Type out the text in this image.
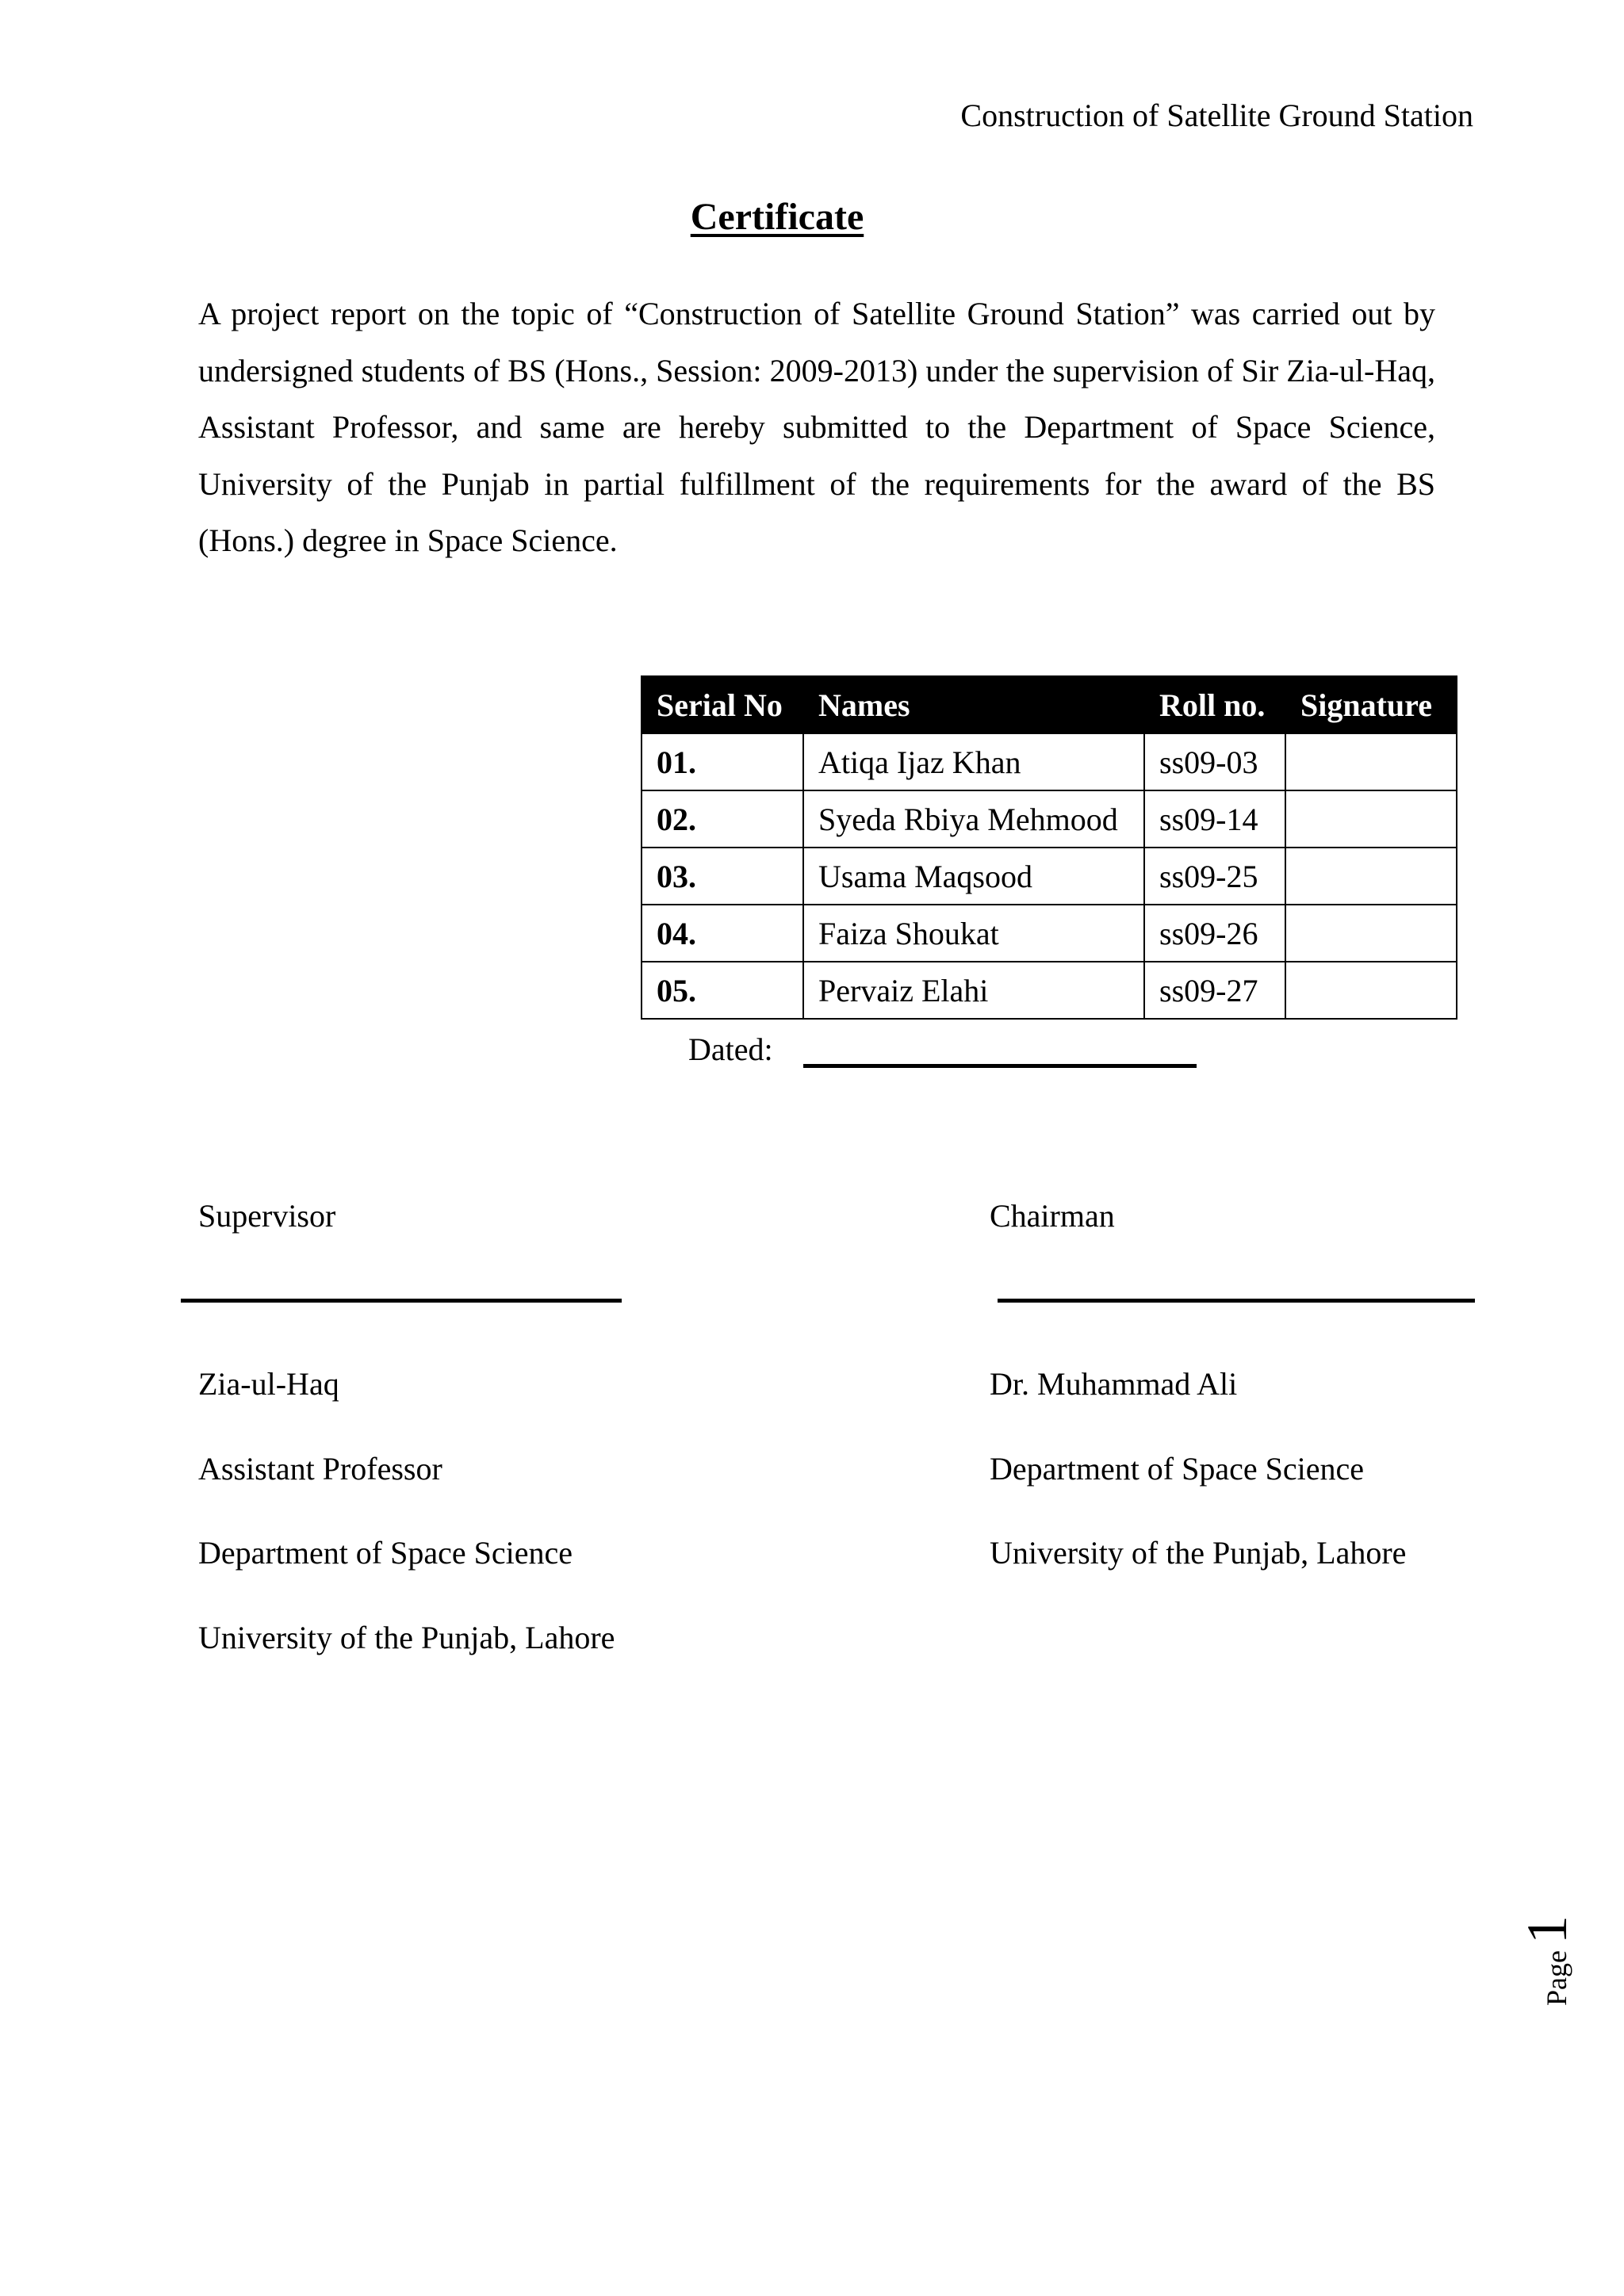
Construction of Satellite Ground Station
Certificate

A project report on the topic of “Construction of Satellite Ground Station” was carried out by undersigned students of BS (Hons., Session: 2009-2013) under the supervision of Sir Zia-ul-Haq, Assistant Professor, and same are hereby submitted to the Department of Space Science, University of the Punjab in partial fulfillment of the requirements for the award of the BS (Hons.) degree in Space Science.

Serial No	Names	Roll no.	Signature
01.	Atiqa Ijaz Khan	ss09-03	
02.	Syeda Rbiya Mehmood	ss09-14	
03.	Usama Maqsood	ss09-25	
04.	Faiza Shoukat	ss09-26	
05.	Pervaiz Elahi	ss09-27	
Dated:
Supervisor
Zia-ul-Haq
Assistant Professor
Department of Space Science
University of the Punjab, Lahore
Chairman
Dr. Muhammad Ali
Department of Space Science
University of the Punjab, Lahore
Page
1
